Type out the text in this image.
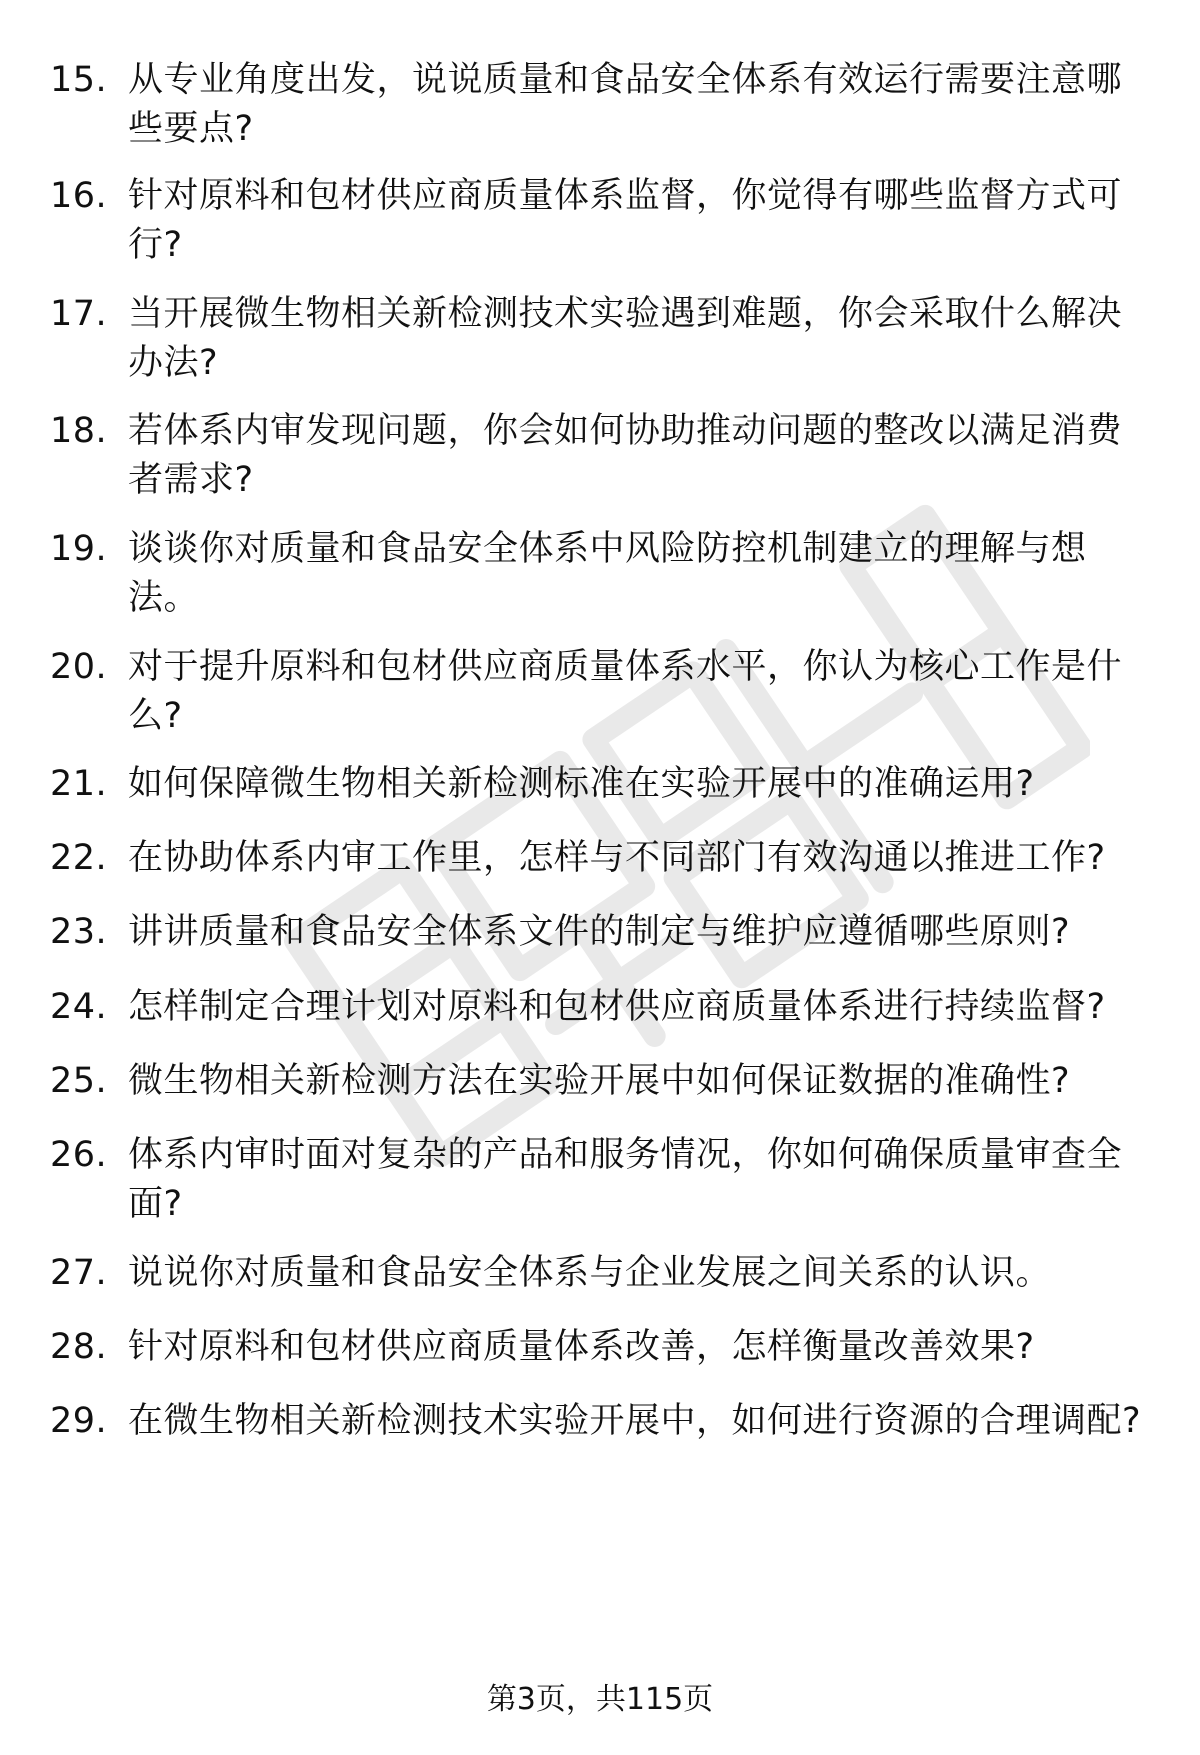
15. 从专业角度出发，说说质量和食品安全体系有效运行需要注意哪些要点?
16. 针对原料和包材供应商质量体系监督，你觉得有哪些监督方式可行?
17. 当开展微生物相关新检测技术实验遇到难题，你会采取什么解决办法?
18. 若体系内审发现问题，你会如何协助推动问题的整改以满足消费者需求?
19. 谈谈你对质量和食品安全体系中风险防控机制建立的理解与想法。
20. 对于提升原料和包材供应商质量体系水平，你认为核心工作是什么?
21. 如何保障微生物相关新检测标准在实验开展中的准确运用?
22. 在协助体系内审工作里，怎样与不同部门有效沟通以推进工作?
23. 讲讲质量和食品安全体系文件的制定与维护应遵循哪些原则?
24. 怎样制定合理计划对原料和包材供应商质量体系进行持续监督?
25. 微生物相关新检测方法在实验开展中如何保证数据的准确性?
26. 体系内审时面对复杂的产品和服务情况，你如何确保质量审查全面?
27. 说说你对质量和食品安全体系与企业发展之间关系的认识。
28. 针对原料和包材供应商质量体系改善，怎样衡量改善效果?
29. 在微生物相关新检测技术实验开展中，如何进行资源的合理调配?
第3页，共115页
